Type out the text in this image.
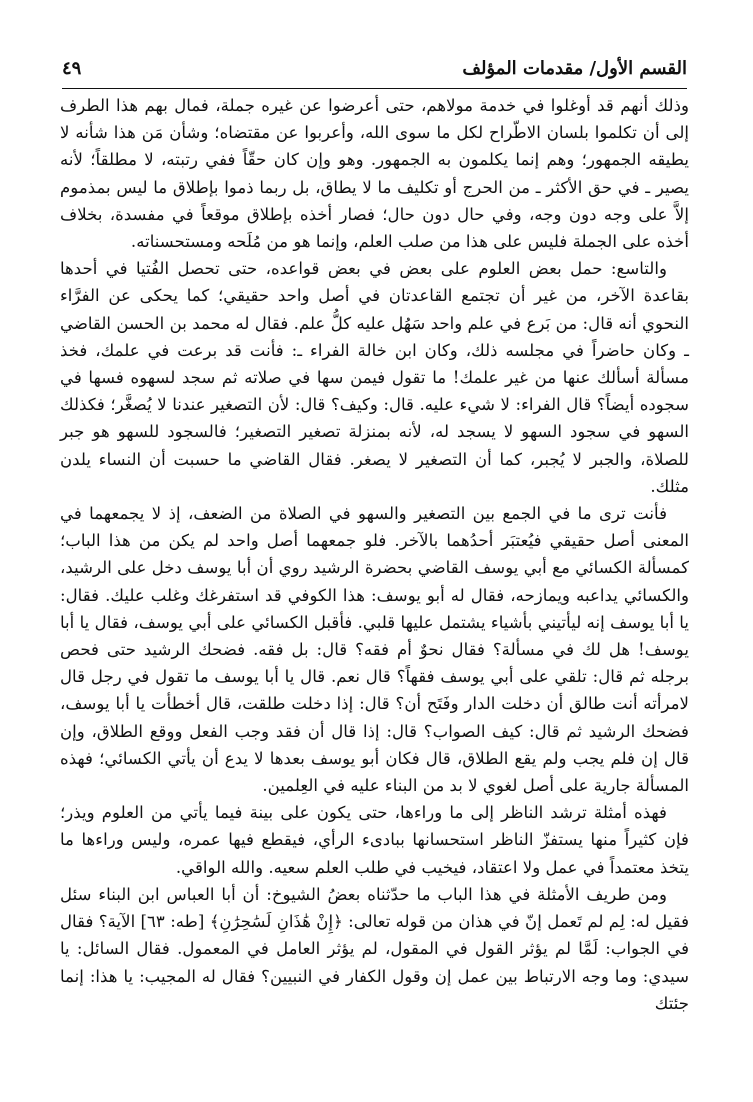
القسم الأول/ مقدمات المؤلف
٤٩

وذلك أنهم قد أوغلوا في خدمة مولاهم، حتى أعرضوا عن غيره جملة، فمال بهم هذا الطرف إلى أن تكلموا بلسان الاطّراح لكل ما سوى الله، وأعربوا عن مقتضاه؛ وشأن مَن هذا شأنه لا يطيقه الجمهور؛ وهم إنما يكلمون به الجمهور. وهو وإن كان حقّاً ففي رتبته، لا مطلقاً؛ لأنه يصير ـ في حق الأكثر ـ من الحرج أو تكليف ما لا يطاق، بل ربما ذموا بإطلاق ما ليس بمذموم إلاَّ على وجه دون وجه، وفي حال دون حال؛ فصار أخذه بإطلاق موقعاً في مفسدة، بخلاف أخذه على الجملة فليس على هذا من صلب العلم، وإنما هو من مُلَحه ومستحسناته.

والتاسع: حمل بعض العلوم على بعض في بعض قواعده، حتى تحصل الفُتيا في أحدها بقاعدة الآخر، من غير أن تجتمع القاعدتان في أصل واحد حقيقي؛ كما يحكى عن الفرَّاء النحوي أنه قال: من بَرع في علم واحد سَهُل عليه كلُّ علم. فقال له محمد بن الحسن القاضي ـ وكان حاضراً في مجلسه ذلك، وكان ابن خالة الفراء ـ: فأنت قد برعت في علمك، فخذ مسألة أسألك عنها من غير علمك! ما تقول فيمن سها في صلاته ثم سجد لسهوه فسها في سجوده أيضاً؟ قال الفراء: لا شيء عليه. قال: وكيف؟ قال: لأن التصغير عندنا لا يُصغَّر؛ فكذلك السهو في سجود السهو لا يسجد له، لأنه بمنزلة تصغير التصغير؛ فالسجود للسهو هو جبر للصلاة، والجبر لا يُجبر، كما أن التصغير لا يصغر. فقال القاضي ما حسبت أن النساء يلدن مثلك.

فأنت ترى ما في الجمع بين التصغير والسهو في الصلاة من الضعف، إذ لا يجمعهما في المعنى أصل حقيقي فيُعتبَر أحدُهما بالآخر. فلو جمعهما أصل واحد لم يكن من هذا الباب؛ كمسألة الكسائي مع أبي يوسف القاضي بحضرة الرشيد روي أن أبا يوسف دخل على الرشيد، والكسائي يداعبه ويمازحه، فقال له أبو يوسف: هذا الكوفي قد استفرغك وغلب عليك. فقال: يا أبا يوسف إنه ليأتيني بأشياء يشتمل عليها قلبي. فأقبل الكسائي على أبي يوسف، فقال يا أبا يوسف! هل لك في مسألة؟ فقال نحوٌ أم فقه؟ قال: بل فقه. فضحك الرشيد حتى فحص برجله ثم قال: تلقي على أبي يوسف فقهاً؟ قال نعم. قال يا أبا يوسف ما تقول في رجل قال لامرأته أنت طالق أن دخلت الدار وفَتَح أن؟ قال: إذا دخلت طلقت، قال أخطأت يا أبا يوسف، فضحك الرشيد ثم قال: كيف الصواب؟ قال: إذا قال أن فقد وجب الفعل ووقع الطلاق، وإن قال إن فلم يجب ولم يقع الطلاق، قال فكان أبو يوسف بعدها لا يدع أن يأتي الكسائي؛ فهذه المسألة جارية على أصل لغوي لا بد من البناء عليه في العِلمين.

فهذه أمثلة ترشد الناظر إلى ما وراءها، حتى يكون على بينة فيما يأتي من العلوم ويذر؛ فإن كثيراً منها يستفزّ الناظر استحسانها ببادىء الرأي، فيقطع فيها عمره، وليس وراءها ما يتخذ معتمداً في عمل ولا اعتقاد، فيخيب في طلب العلم سعيه. والله الواقي.

ومن طريف الأمثلة في هذا الباب ما حدّثناه بعضُ الشيوخ: أن أبا العباس ابن البناء سئل فقيل له: لِم لم تَعمل إنّ في هذان من قوله تعالى: ﴿إِنْ هَٰذَانِ لَسَٰحِرَٰنِ﴾ [طه: ٦٣] الآية؟ فقال في الجواب: لَمَّا لم يؤثر القول في المقول، لم يؤثر العامل في المعمول. فقال السائل: يا سيدي: وما وجه الارتباط بين عمل إن وقول الكفار في النبيين؟ فقال له المجيب: يا هذا: إنما جئتك
